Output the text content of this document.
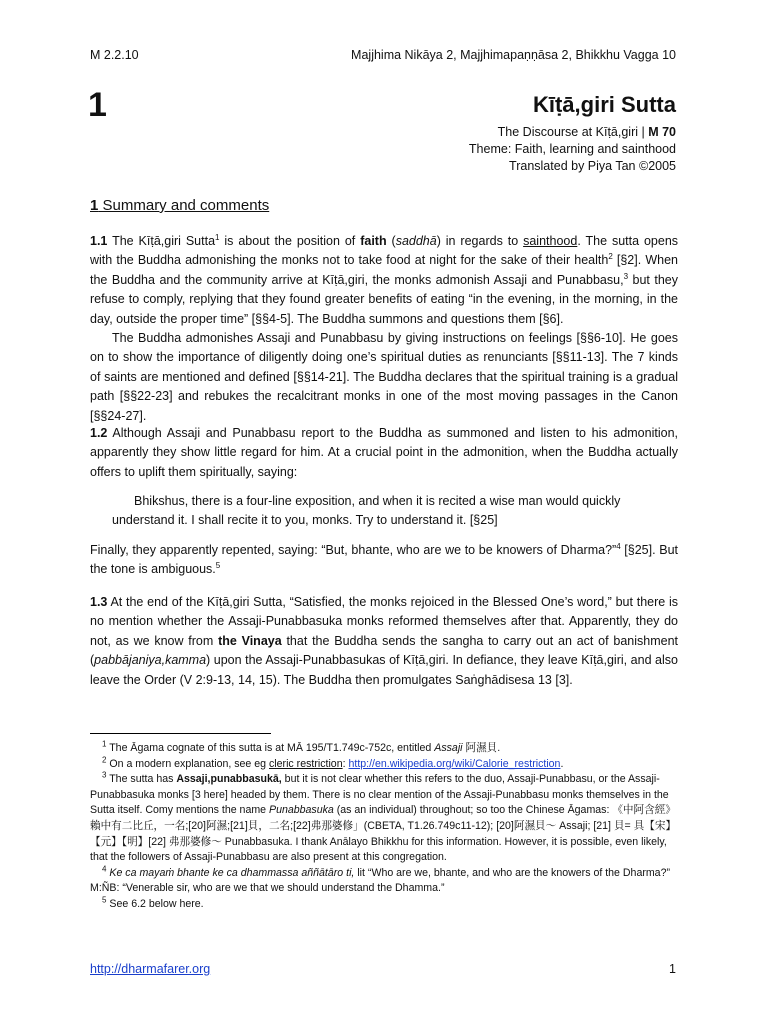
M 2.2.10	Majjhima Nikāya 2, Majjhimapaṇṇāsa 2, Bhikkhu Vagga 10
1	Kīṭā,giri Sutta
The Discourse at Kīṭā,giri | M 70
Theme: Faith, learning and sainthood
Translated by Piya Tan ©2005
1 Summary and comments

1.1 The Kīṭā,giri Sutta$^1$ is about the position of faith (saddhā) in regards to sainthood. The sutta opens with the Buddha admonishing the monks not to take food at night for the sake of their health$^2$ [§2]. When the Buddha and the community arrive at Kīṭā,giri, the monks admonish Assaji and Punabbasu,$^3$ but they refuse to comply, replying that they found greater benefits of eating “in the evening, in the morning, in the day, outside the proper time” [§§4-5]. The Buddha summons and questions them [§6].

The Buddha admonishes Assaji and Punabbasu by giving instructions on feelings [§§6-10]. He goes on to show the importance of diligently doing one’s spiritual duties as renunciants [§§11-13]. The 7 kinds of saints are mentioned and defined [§§14-21]. The Buddha declares that the spiritual training is a gradual path [§§22-23] and rebukes the recalcitrant monks in one of the most moving passages in the Canon [§§24-27].

1.2 Although Assaji and Punabbasu report to the Buddha as summoned and listen to his admonition, apparently they show little regard for him. At a crucial point in the admonition, when the Buddha actually offers to uplift them spiritually, saying:

Bhikshus, there is a four-line exposition, and when it is recited a wise man would quickly understand it. I shall recite it to you, monks. Try to understand it. [§25]

Finally, they apparently repented, saying: “But, bhante, who are we to be knowers of Dharma?”$^4$ [§25]. But the tone is ambiguous.$^5$

1.3 At the end of the Kīṭā,giri Sutta, “Satisfied, the monks rejoiced in the Blessed One’s word,” but there is no mention whether the Assaji-Punabbasuka monks reformed themselves after that. Apparently, they do not, as we know from the Vinaya that the Buddha sends the sangha to carry out an act of banishment (pabbājaniya,kamma) upon the Assaji-Punabbasukas of Kīṭā,giri. In defiance, they leave Kīṭā,giri, and also leave the Order (V 2:9-13, 14, 15). The Buddha then promulgates Saṅghādisesa 13 [3].

$^1$ The Āgama cognate of this sutta is at MĀ 195/T1.749c-752c, entitled Assaji 阿濕貝.

$^2$ On a modern explanation, see eg cleric restriction: http://en.wikipedia.org/wiki/Calorie_restriction.

$^3$ The sutta has Assaji,punabbasukā, but it is not clear whether this refers to the duo, Assaji-Punabbasu, or the Assaji-Punabbasuka monks [3 here] headed by them. There is no clear mention of the Assaji-Punabbasu monks themselves in the Sutta itself. Comy mentions the name Punabbasuka (as an individual) throughout; so too the Chinese Āgamas: 《中阿含經》賴中有二比丘，一名;[20]阿濕;[21]貝，二名;[22]弗那婆修」(CBETA, T1.26.749c11-12); [20]阿濕貝～ Assaji; [21] 貝= 具【宋】【元】【明】[22] 弗那婆修～ Punabbasuka. I thank Anālayo Bhikkhu for this information. However, it is possible, even likely, that the followers of Assaji-Punabbasu are also present at this congregation.

$^4$ Ke ca mayaṁ bhante ke ca dhammassa aññātāro ti, lit “Who are we, bhante, and who are the knowers of the Dharma?” M:ÑB: “Venerable sir, who are we that we should understand the Dhamma.”

$^5$ See 6.2 below here.

http://dharmafarer.org	1
